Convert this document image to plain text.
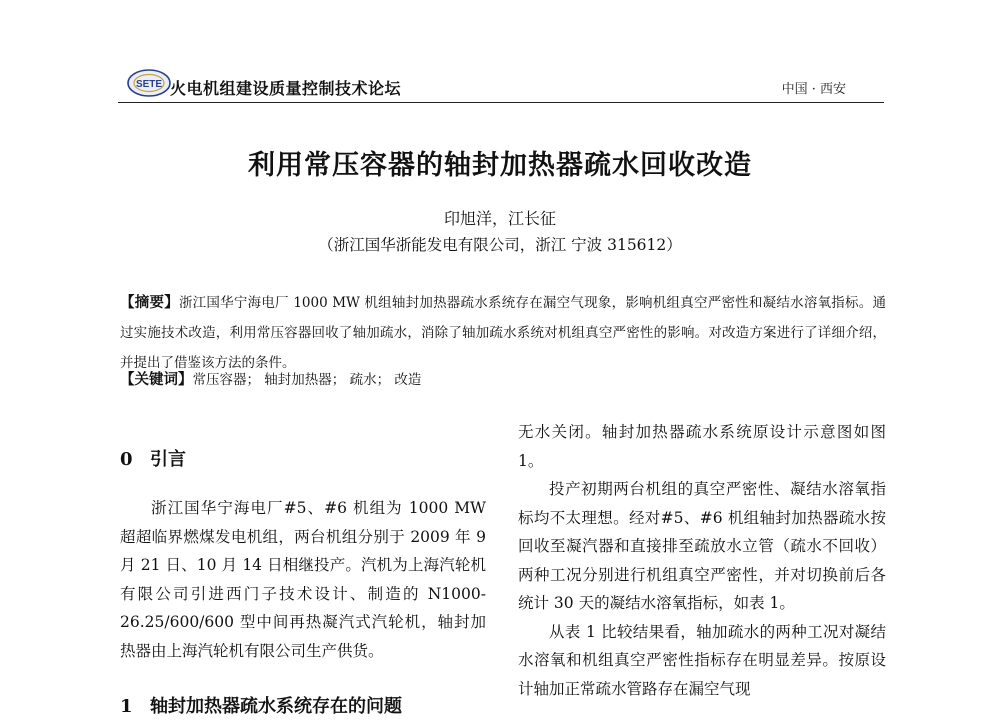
SETE 火电机组建设质量控制技术论坛	中国 · 西安
利用常压容器的轴封加热器疏水回收改造
印旭洋，江长征
（浙江国华浙能发电有限公司，浙江 宁波 315612）
【摘要】浙江国华宁海电厂 1000 MW 机组轴封加热器疏水系统存在漏空气现象，影响机组真空严密性和凝结水溶氧指标。通过实施技术改造，利用常压容器回收了轴加疏水，消除了轴加疏水系统对机组真空严密性的影响。对改造方案进行了详细介绍，并提出了借鉴该方法的条件。
【关键词】常压容器； 轴封加热器； 疏水； 改造
0 引言

浙江国华宁海电厂#5、#6 机组为 1000 MW 超超临界燃煤发电机组，两台机组分别于 2009 年 9 月 21 日、10 月 14 日相继投产。汽机为上海汽轮机有限公司引进西门子技术设计、制造的 N1000-26.25/600/600 型中间再热凝汽式汽轮机，轴封加热器由上海汽轮机有限公司生产供货。

1 轴封加热器疏水系统存在的问题

无水关闭。轴封加热器疏水系统原设计示意图如图 1。

投产初期两台机组的真空严密性、凝结水溶氧指标均不太理想。经对#5、#6 机组轴封加热器疏水按回收至凝汽器和直接排至疏放水立管（疏水不回收）两种工况分别进行机组真空严密性，并对切换前后各统计 30 天的凝结水溶氧指标，如表 1。

从表 1 比较结果看，轴加疏水的两种工况对凝结水溶氧和机组真空严密性指标存在明显差异。按原设计轴加正常疏水管路存在漏空气现
